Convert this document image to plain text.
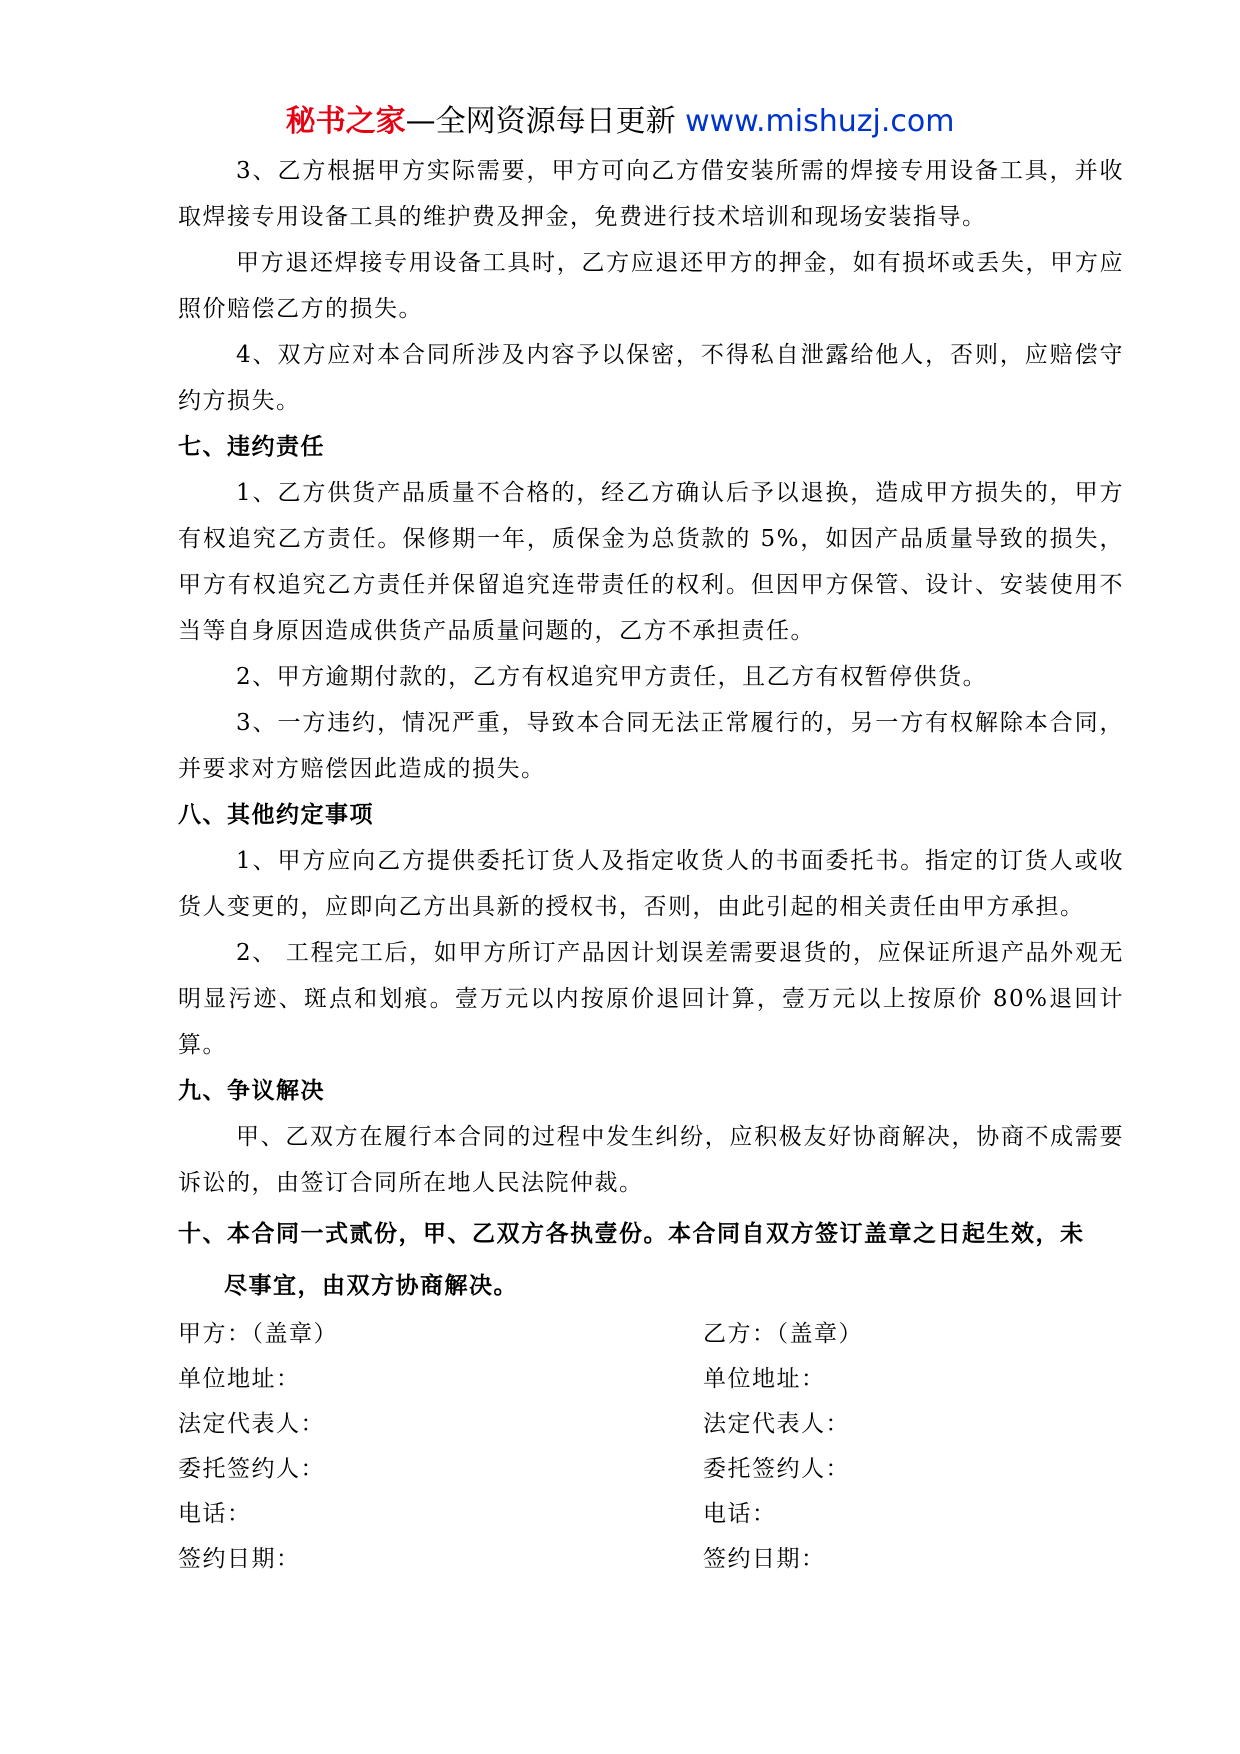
秘书之家—全网资源每日更新 www.mishuzj.com

3、乙方根据甲方实际需要，甲方可向乙方借安装所需的焊接专用设备工具，并收取焊接专用设备工具的维护费及押金，免费进行技术培训和现场安装指导。

甲方退还焊接专用设备工具时，乙方应退还甲方的押金，如有损坏或丢失，甲方应照价赔偿乙方的损失。

4、双方应对本合同所涉及内容予以保密，不得私自泄露给他人，否则，应赔偿守约方损失。

七、违约责任

1、乙方供货产品质量不合格的，经乙方确认后予以退换，造成甲方损失的，甲方有权追究乙方责任。保修期一年，质保金为总货款的 5%，如因产品质量导致的损失，甲方有权追究乙方责任并保留追究连带责任的权利。但因甲方保管、设计、安装使用不当等自身原因造成供货产品质量问题的，乙方不承担责任。

2、甲方逾期付款的，乙方有权追究甲方责任，且乙方有权暂停供货。

3、一方违约，情况严重，导致本合同无法正常履行的，另一方有权解除本合同，并要求对方赔偿因此造成的损失。

八、其他约定事项

1、甲方应向乙方提供委托订货人及指定收货人的书面委托书。指定的订货人或收货人变更的，应即向乙方出具新的授权书，否则，由此引起的相关责任由甲方承担。

2、 工程完工后，如甲方所订产品因计划误差需要退货的，应保证所退产品外观无明显污迹、斑点和划痕。壹万元以内按原价退回计算，壹万元以上按原价 80%退回计算。

九、争议解决

甲、乙双方在履行本合同的过程中发生纠纷，应积极友好协商解决，协商不成需要诉讼的，由签订合同所在地人民法院仲裁。

十、本合同一式贰份，甲、乙双方各执壹份。本合同自双方签订盖章之日起生效，未

尽事宜，由双方协商解决。

甲方：（盖章）	乙方：（盖章）
单位地址：	单位地址：
法定代表人：	法定代表人：
委托签约人：	委托签约人：
电话：	电话：
签约日期：	签约日期：
